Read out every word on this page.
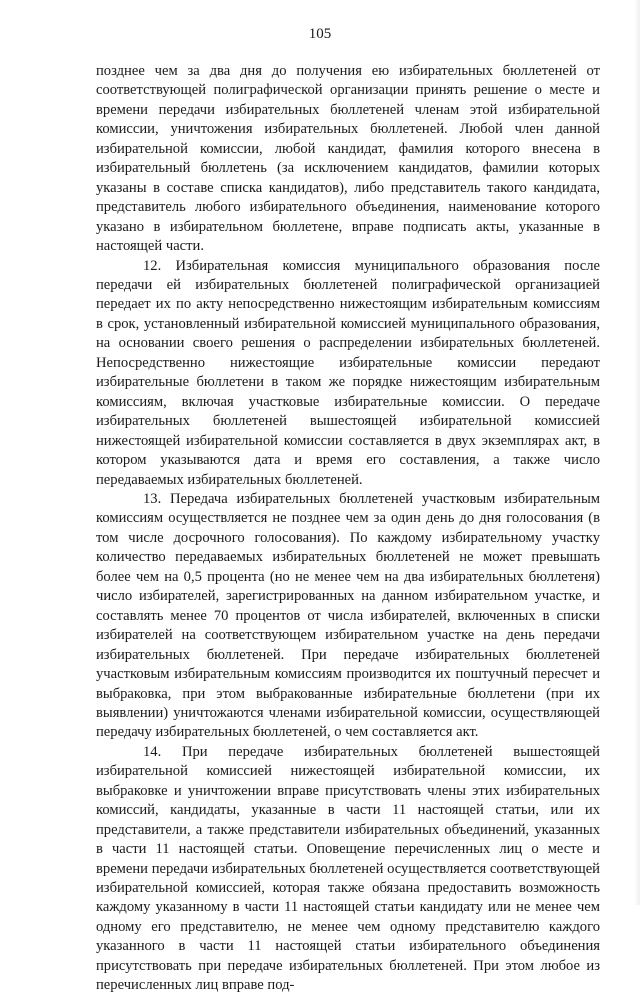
105

позднее чем за два дня до получения ею избирательных бюллетеней от соответствующей полиграфической организации принять решение о месте и времени передачи избирательных бюллетеней членам этой избирательной комиссии, уничтожения избирательных бюллетеней. Любой член данной избирательной комиссии, любой кандидат, фамилия которого внесена в избирательный бюллетень (за исключением кандидатов, фамилии которых указаны в составе списка кандидатов), либо представитель такого кандидата, представитель любого избирательного объединения, наименование которого указано в избирательном бюллетене, вправе подписать акты, указанные в настоящей части.

12. Избирательная комиссия муниципального образования после передачи ей избирательных бюллетеней полиграфической организацией передает их по акту непосредственно нижестоящим избирательным комиссиям в срок, установленный избирательной комиссией муниципального образования, на основании своего решения о распределении избирательных бюллетеней. Непосредственно нижестоящие избирательные комиссии передают избирательные бюллетени в таком же порядке нижестоящим избирательным комиссиям, включая участковые избирательные комиссии. О передаче избирательных бюллетеней вышестоящей избирательной комиссией нижестоящей избирательной комиссии составляется в двух экземплярах акт, в котором указываются дата и время его составления, а также число передаваемых избирательных бюллетеней.

13. Передача избирательных бюллетеней участковым избирательным комиссиям осуществляется не позднее чем за один день до дня голосования (в том числе досрочного голосования). По каждому избирательному участку количество передаваемых избирательных бюллетеней не может превышать более чем на 0,5 процента (но не менее чем на два избирательных бюллетеня) число избирателей, зарегистрированных на данном избирательном участке, и составлять менее 70 процентов от числа избирателей, включенных в списки избирателей на соответствующем избирательном участке на день передачи избирательных бюллетеней. При передаче избирательных бюллетеней участковым избирательным комиссиям производится их поштучный пересчет и выбраковка, при этом выбракованные избирательные бюллетени (при их выявлении) уничтожаются членами избирательной комиссии, осуществляющей передачу избирательных бюллетеней, о чем составляется акт.

14. При передаче избирательных бюллетеней вышестоящей избирательной комиссией нижестоящей избирательной комиссии, их выбраковке и уничтожении вправе присутствовать члены этих избирательных комиссий, кандидаты, указанные в части 11 настоящей статьи, или их представители, а также представители избирательных объединений, указанных в части 11 настоящей статьи. Оповещение перечисленных лиц о месте и времени передачи избирательных бюллетеней осуществляется соответствующей избирательной комиссией, которая также обязана предоставить возможность каждому указанному в части 11 настоящей статьи кандидату или не менее чем одному его представителю, не менее чем одному представителю каждого указанного в части 11 настоящей статьи избирательного объединения присутствовать при передаче избирательных бюллетеней. При этом любое из перечисленных лиц вправе под-
